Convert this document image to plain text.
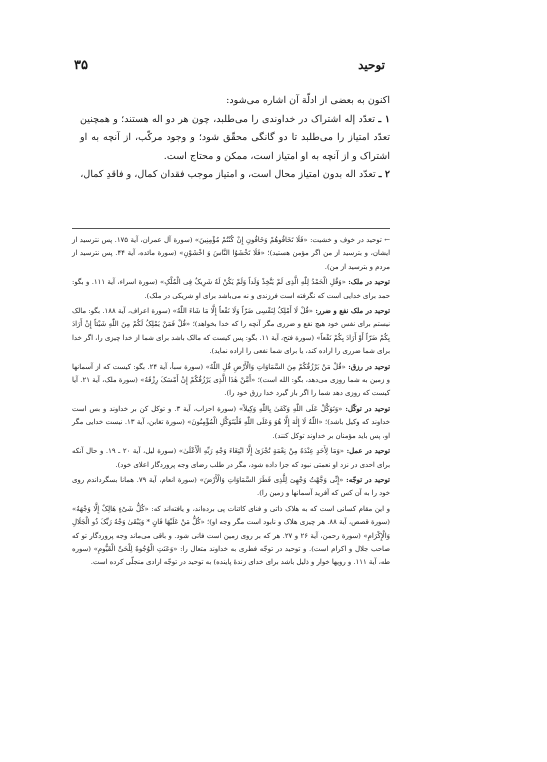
توحید
۳۵

اکنون به بعضی از ادلّة آن اشاره می‌شود:

۱ ـ تعدّد إله اشتراک در خداوندی را می‌طلبد، چون هر دو اله هستند؛ و همچنین تعدّد امتیاز را می‌طلبد تا دو گانگی محقّق شود؛ و وجود مرکّب، از آنچه به او اشتراک و از آنچه به او امتیاز است، ممکن و محتاج است.

۲ ـ تعدّد اله بدون امتیاز محال است، و امتیاز موجب فقدان کمال، و فاقدِ کمال،

← توحید در خوف و خشیت: «فَلَا تَخَافُوهُمْ وَخَافُونِ إِنْ کُنْتُمْ مُؤْمِنِینَ» (سورة آل عمران، آية ۱۷۵. پس نترسید از ایشان، و بترسید از من اگر مؤمن هستید)؛ «فَلَا تَخْشَوُا النَّاسَ وَ اخْشَوْنِ» (سورة مائده، آية ۴۴. پس نترسید از مردم و بترسید از من).

توحید در ملک: «وَقُلِ الْحَمْدُ لِلّٰهِ الَّذِی لَمْ یَتَّخِذْ وَلَداً وَلَمْ یَکُنْ لَهُ شَرِیکٌ فِی الْمُلْکِ» (سورة اسراء، آية ۱۱۱. و بگو: حمد برای خدایی است که نگرفته است فرزندی و نه می‌باشد برای او شریکی در ملک).

توحید در ملک نفع و ضرر: «قُلْ لَا أَمْلِکُ لِنَفْسِی ضَرّاً وَلَا نَفْعاً إِلَّا مَا شَاءَ اللّٰهُ» (سورة اعراف، آية ۱۸۸. بگو: مالک نیستم برای نفس خود هیچ نفع و ضرری مگر آنچه را که خدا بخواهد)؛ «قُلْ فَمَنْ یَمْلِکُ لَکُمْ مِنَ اللّٰهِ شَیْئاً إِنْ أَرَادَ بِکُمْ ضَرّاً أَوْ أَرَادَ بِکُمْ نَفْعاً» (سورة فتح، آية ۱۱. بگو: پس کیست که مالک باشد برای شما از خدا چیزی را، اگر خدا برای شما ضرری را اراده کند، یا برای شما نفعی را اراده نماید).

توحید در رزق: «قُلْ مَنْ یَرْزُقُکُمْ مِنَ السَّمَاوَاتِ وَالْأَرْضِ قُلِ اللّٰهُ» (سورة سبأ، آية ۲۴. بگو: کیست که از آسمانها و زمین به شما روزی می‌دهد، بگو: الله است)؛ «أَمَّنْ هٰذَا الَّذِی یَرْزُقُکُمْ إِنْ أَمْسَکَ رِزْقَهُ» (سورة ملک، آية ۲۱. آیا کیست که روزی دهد شما را اگر باز گیرد خدا رزق خود را).

توحید در توکّل: «وَتَوَکَّلْ عَلَى اللّٰهِ وَکَفَىٰ بِاللّٰهِ وَکِیلاً» (سورة احزاب، آية ۳. و توکل کن بر خداوند و بس است خداوند که وکیل باشد)؛ «اللّٰهُ لَا إِلٰهَ إِلَّا هُوَ وَعَلَى اللّٰهِ فَلْیَتَوَکَّلِ الْمُؤْمِنُونَ» (سورة تغابن، آية ۱۳. نیست خدایی مگر او، پس باید مؤمنان بر خداوند توکل کنند).

توحید در عمل: «وَمَا لِأَحَدٍ عِنْدَهُ مِنْ نِعْمَةٍ تُجْزَىٰ إِلَّا ابْتِغَاءَ وَجْهِ رَبِّهِ الْأَعْلَىٰ» (سورة لیل، آية ۲۰ ـ ۱۹. و حال آنکه برای احدی در نزد او نعمتی نبود که جزا داده شود، مگر در طلب رضای وجه پروردگار اعلای خود).

توحید در توجّه: «إِنِّی وَجَّهْتُ وَجْهِیَ لِلَّذِی فَطَرَ السَّمَاوَاتِ وَالْأَرْضَ» (سورة انعام، آية ۷۹. همانا بسگرداندم روی خود را به آن کس که آفرید آسمانها و زمین را).

و این مقام کسانی است که به هلاک ذاتی و فنای کائنات پی برده‌اند، و یافته‌اند که: «کُلُّ شَیْءٍ هَالِکٌ إِلَّا وَجْهَهُ» (سورة قصص، آية ۸۸. هر چیزی هلاک و نابود است مگر وجه او)؛ «کُلُّ مَنْ عَلَیْهَا فَانٍ * وَیَبْقَىٰ وَجْهُ رَبِّکَ ذُو الْجَلَالِ وَالْإِکْرَامِ» (سورة رحمن، آية ۲۶ و ۲۷. هر که بر روی زمین است فانی شود. و باقی می‌ماند وجه پروردگار تو که صاحب جلال و اکرام است). و توحید در توجّه فطری به خداوند متعال را: «وَعَنَتِ الْوُجُوهُ لِلْحَیِّ الْقَیُّومِ» (سوره طه، آية ۱۱۱. و رویها خوار و ذلیل باشد برای خدای زندهٔ پاینده) به توحید در توجّه ارادی منجلّی کرده است.
